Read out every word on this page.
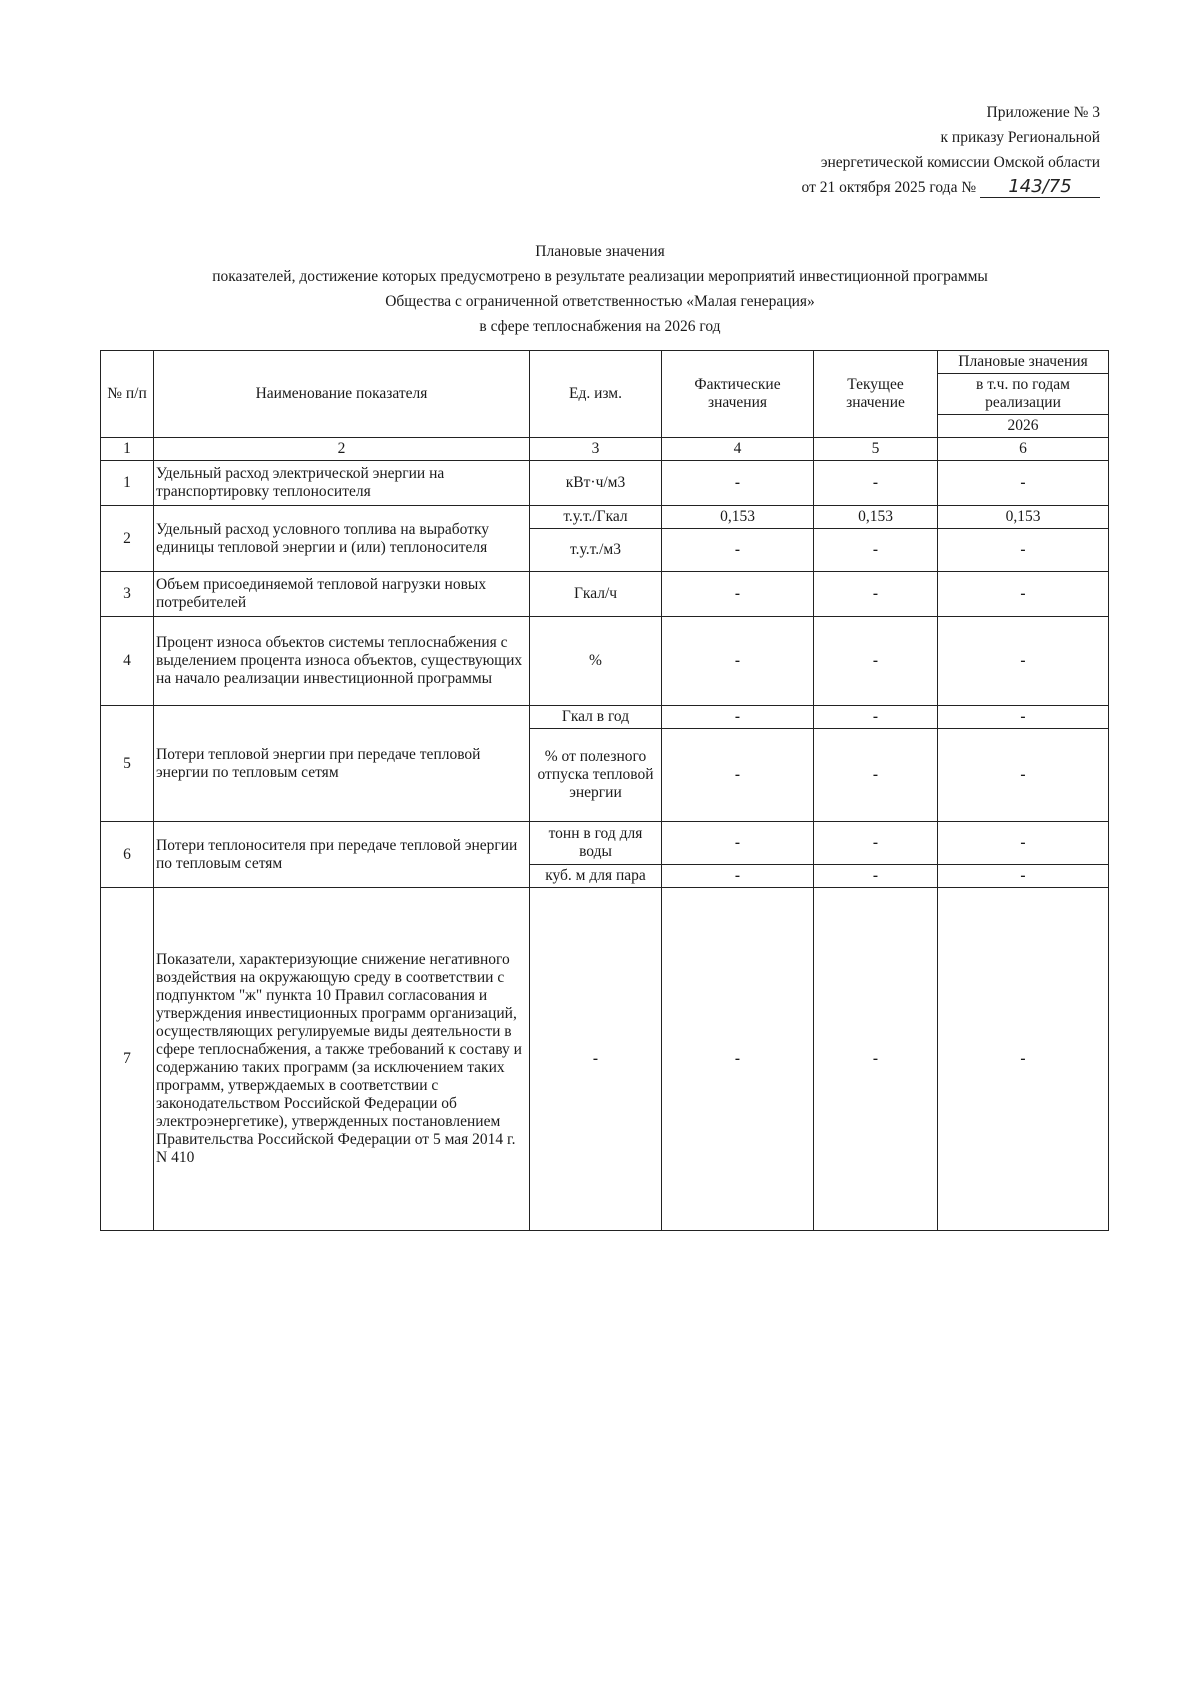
Приложение № 3
к приказу Региональной
энергетической комиссии Омской области
от 21 октября 2025 года № 143/75
Плановые значения
показателей, достижение которых предусмотрено в результате реализации мероприятий инвестиционной программы
Общества с ограниченной ответственностью «Малая генерация»
в сфере теплоснабжения на 2026 год
№ п/п	Наименование показателя	Ед. изм.	Фактические значения	Текущее значение	Плановые значения
					в т.ч. по годам реализации
					2026
1	2	3	4	5	6
1	Удельный расход электрической энергии на транспортировку теплоносителя	кВт·ч/м3	-	-	-
2	Удельный расход условного топлива на выработку единицы тепловой энергии и (или) теплоносителя	т.у.т./Гкал	0,153	0,153	0,153
		т.у.т./м3	-	-	-
3	Объем присоединяемой тепловой нагрузки новых потребителей	Гкал/ч	-	-	-
4	Процент износа объектов системы теплоснабжения с выделением процента износа объектов, существующих на начало реализации инвестиционной программы	%	-	-	-
5	Потери тепловой энергии при передаче тепловой энергии по тепловым сетям	Гкал в год	-	-	-
		% от полезного отпуска тепловой энергии	-	-	-
6	Потери теплоносителя при передаче тепловой энергии по тепловым сетям	тонн в год для воды	-	-	-
		куб. м для пара	-	-	-
7	Показатели, характеризующие снижение негативного воздействия на окружающую среду в соответствии с подпунктом "ж" пункта 10 Правил согласования и утверждения инвестиционных программ организаций, осуществляющих регулируемые виды деятельности в сфере теплоснабжения, а также требований к составу и содержанию таких программ (за исключением таких программ, утверждаемых в соответствии с законодательством Российской Федерации об электроэнергетике), утвержденных постановлением Правительства Российской Федерации от 5 мая 2014 г. N 410	-	-	-	-
